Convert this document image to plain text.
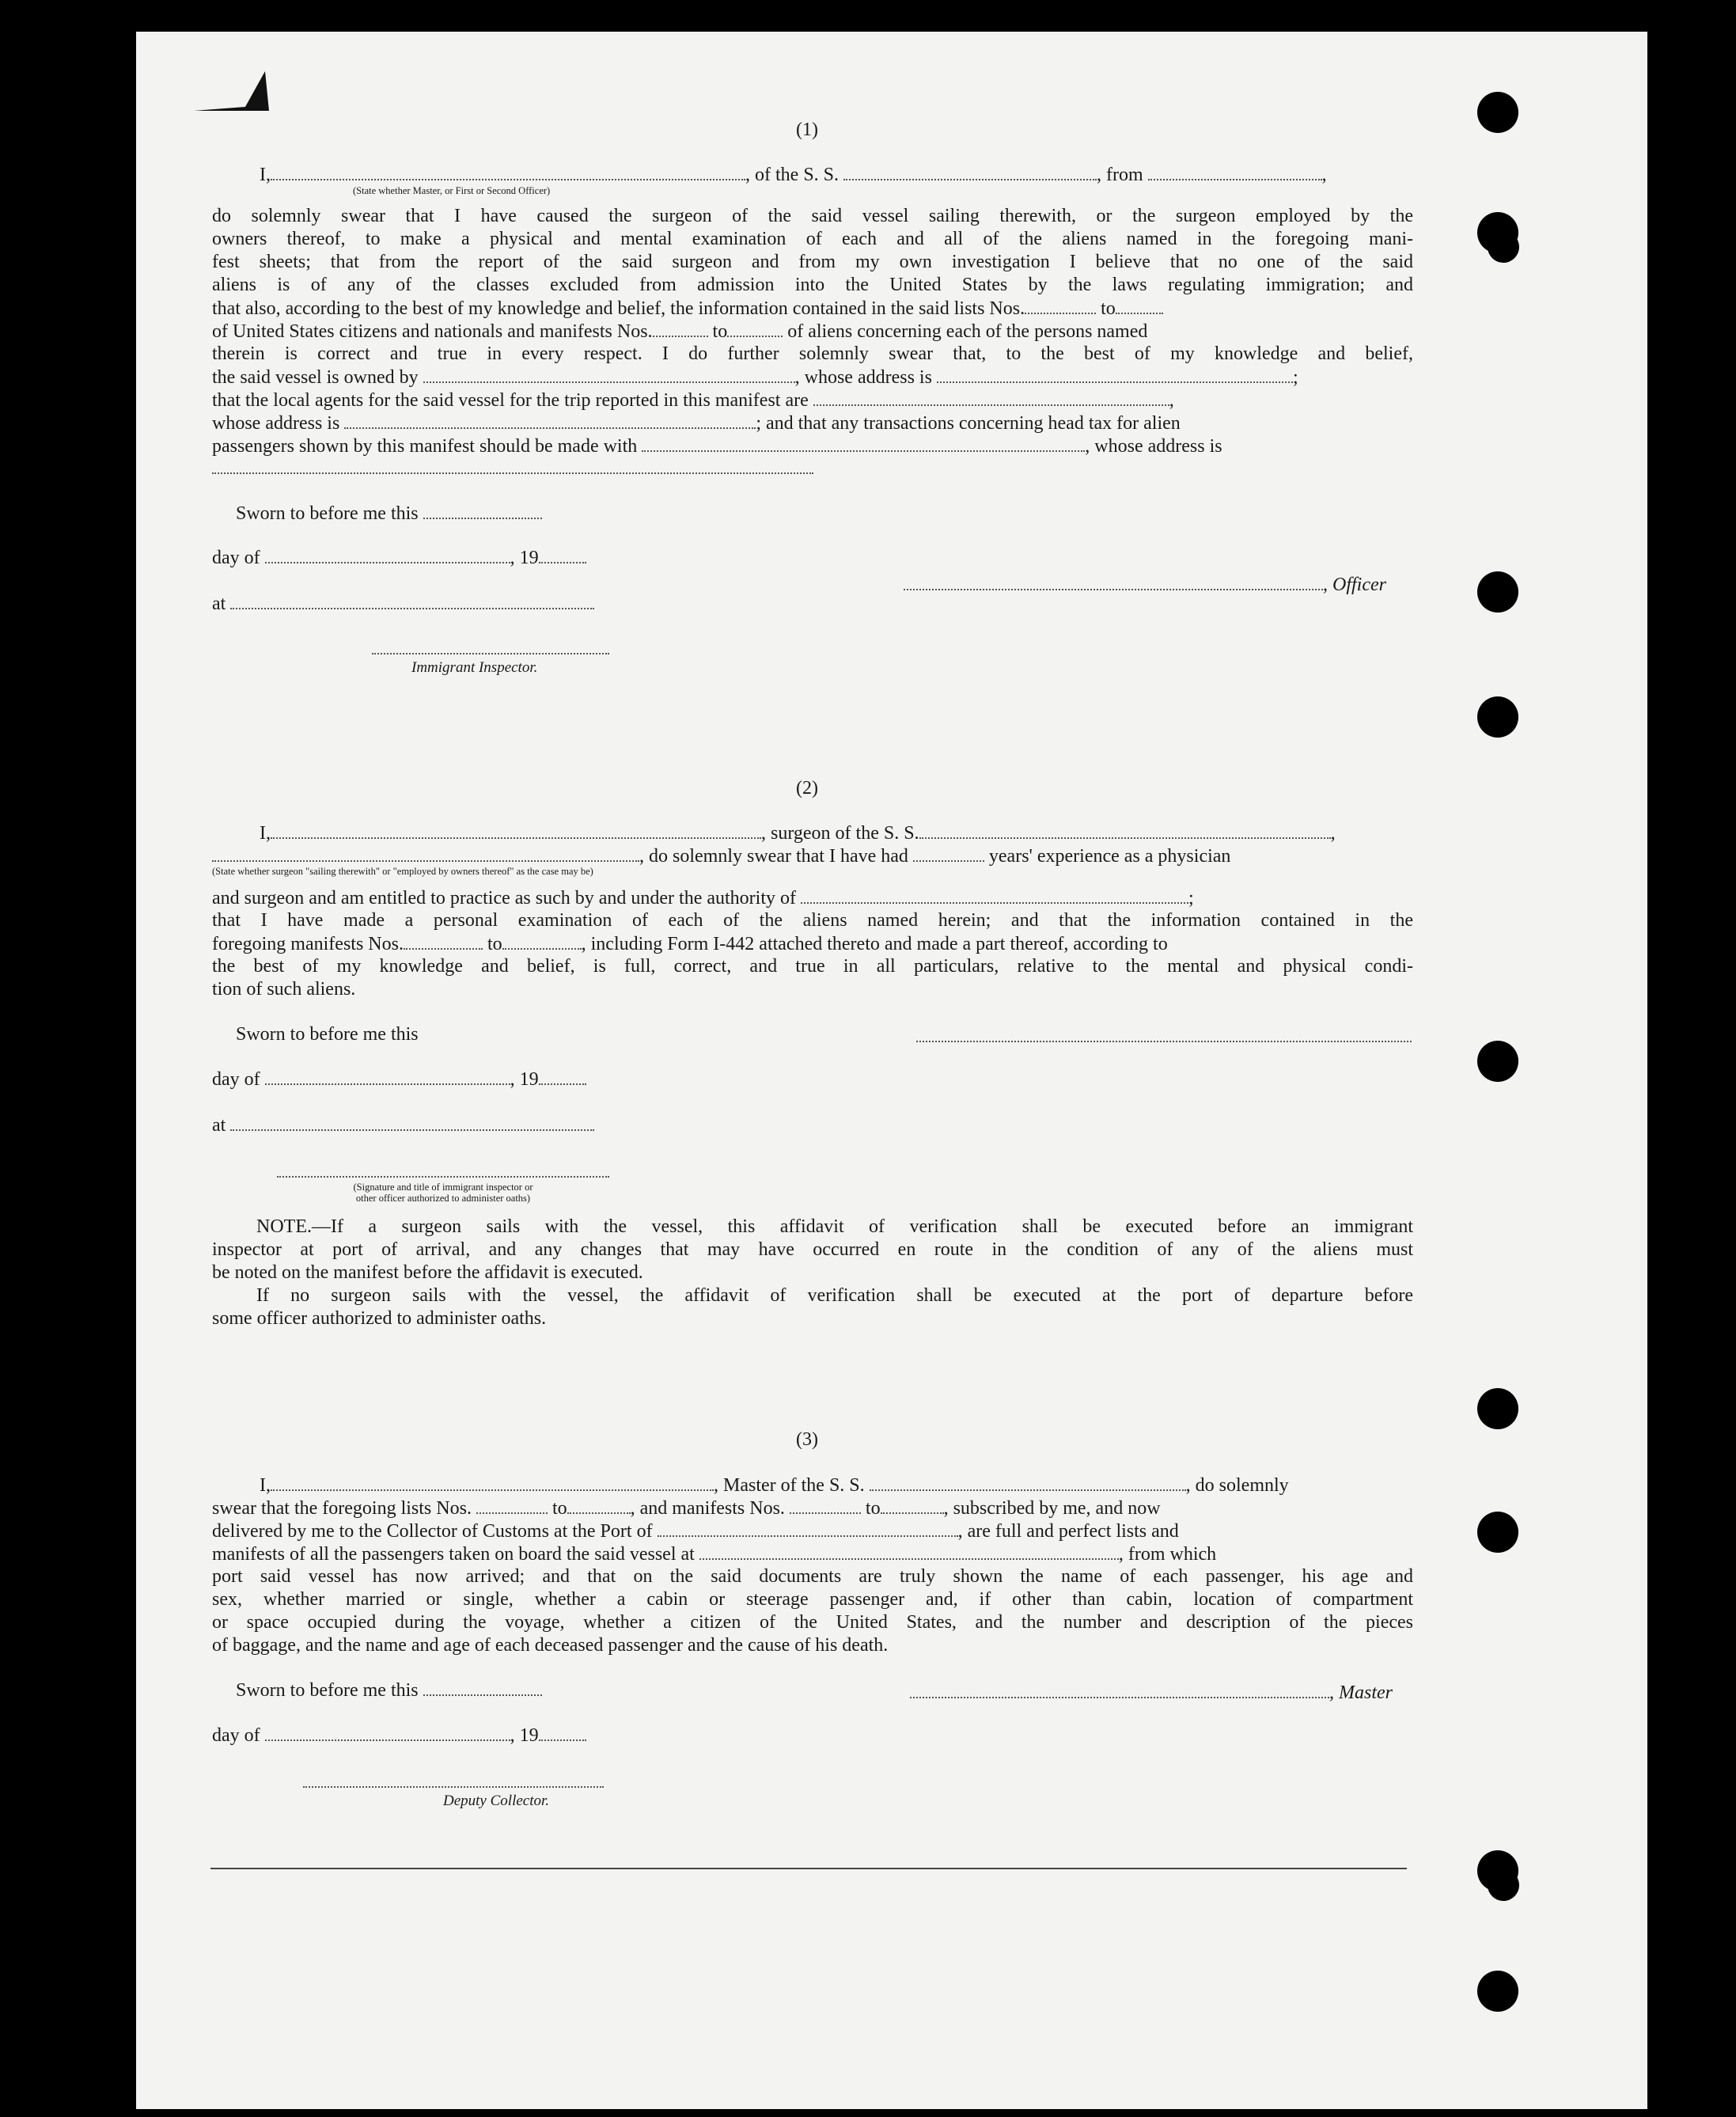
(1)
I,	, of the S. S.	, from	,
(State whether Master, or First or Second Officer)
do solemnly swear that I have caused the surgeon of the said vessel sailing therewith, or the surgeon employed by the
owners thereof, to make a physical and mental examination of each and all of the aliens named in the foregoing mani-
fest sheets; that from the report of the said surgeon and from my own investigation I believe that no one of the said
aliens is of any of the classes excluded from admission into the United States by the laws regulating immigration; and
that also, according to the best of my knowledge and belief, the information contained in the said lists Nos.	to
of United States citizens and nationals and manifests Nos.	to	of aliens concerning each of the persons named
therein is correct and true in every respect. I do further solemnly swear that, to the best of my knowledge and belief,
the said vessel is owned by	, whose address is	;
that the local agents for the said vessel for the trip reported in this manifest are	,
whose address is	; and that any transactions concerning head tax for alien
passengers shown by this manifest should be made with	, whose address is
Sworn to before me this
day of	, 19
, Officer
at
Immigrant Inspector.
(2)
I,	, surgeon of the S. S.	,
, do solemnly swear that I have had	years' experience as a physician
(State whether surgeon "sailing therewith" or "employed by owners thereof" as the case may be)
and surgeon and am entitled to practice as such by and under the authority of	;
that I have made a personal examination of each of the aliens named herein; and that the information contained in the
foregoing manifests Nos.	to	, including Form I-442 attached thereto and made a part thereof, according to
the best of my knowledge and belief, is full, correct, and true in all particulars, relative to the mental and physical condi-
tion of such aliens.
Sworn to before me this
day of	, 19
at
(Signature and title of immigrant inspector or
other officer authorized to administer oaths)
NOTE.—If a surgeon sails with the vessel, this affidavit of verification shall be executed before an immigrant
inspector at port of arrival, and any changes that may have occurred en route in the condition of any of the aliens must
be noted on the manifest before the affidavit is executed.
If no surgeon sails with the vessel, the affidavit of verification shall be executed at the port of departure before
some officer authorized to administer oaths.
(3)
I,	, Master of the S. S.	, do solemnly
swear that the foregoing lists Nos.	to	, and manifests Nos.	to	, subscribed by me, and now
delivered by me to the Collector of Customs at the Port of	, are full and perfect lists and
manifests of all the passengers taken on board the said vessel at	, from which
port said vessel has now arrived; and that on the said documents are truly shown the name of each passenger, his age and
sex, whether married or single, whether a cabin or steerage passenger and, if other than cabin, location of compartment
or space occupied during the voyage, whether a citizen of the United States, and the number and description of the pieces
of baggage, and the name and age of each deceased passenger and the cause of his death.
Sworn to before me this	, Master
day of	, 19
Deputy Collector.
